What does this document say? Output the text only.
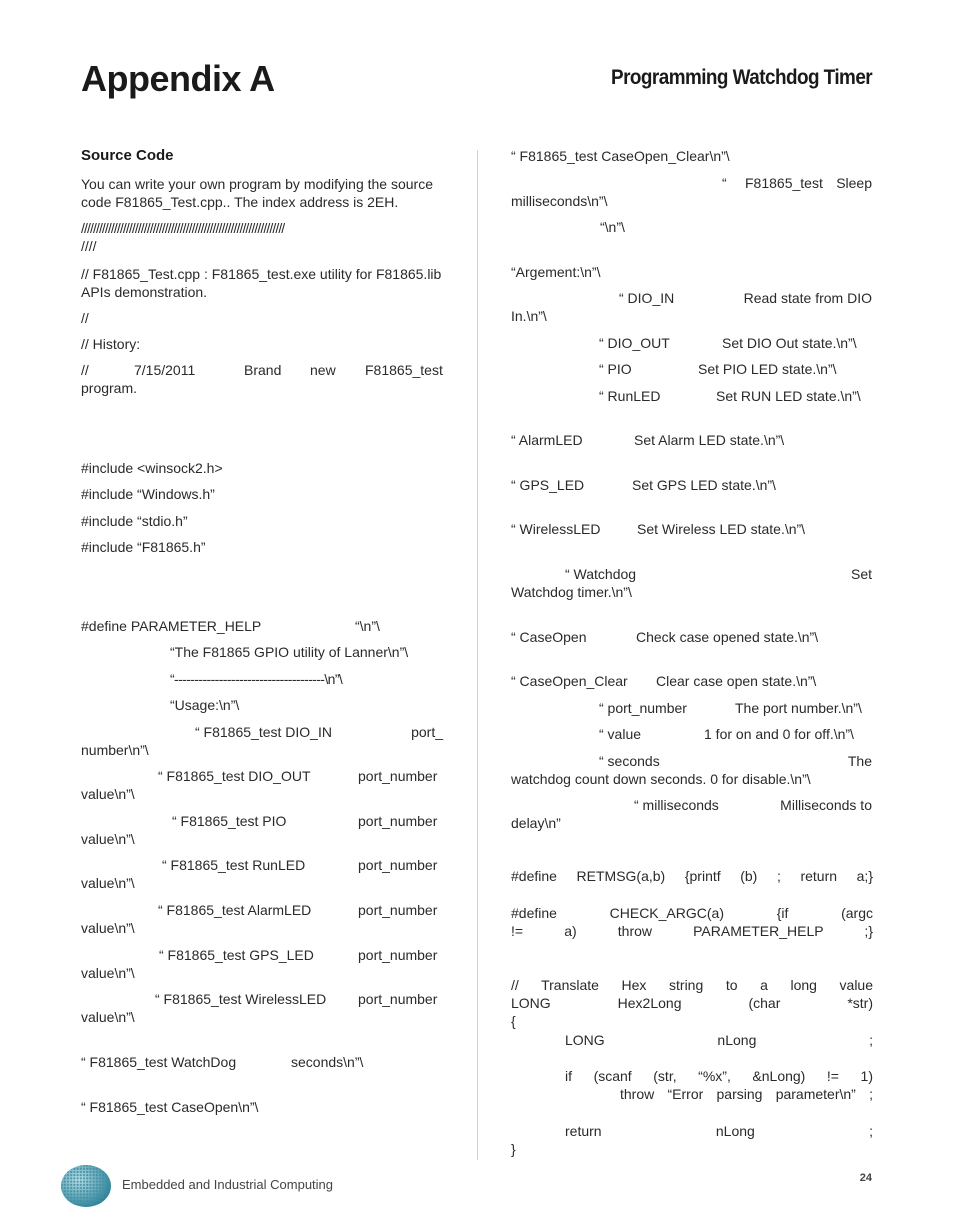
Appendix A	Programming Watchdog Timer
Source Code
You can write your own program by modifying the source
code F81865_Test.cpp.. The index address is 2EH.
////////////////////////////////////////////////////////////////////
////
// F81865_Test.cpp : F81865_test.exe utility for F81865.lib
APIs demonstration.
//
// History:
//	7/15/2011	Brand new F81865_test
program.
#include <winsock2.h>
#include “Windows.h”
#include “stdio.h”
#include “F81865.h”
#define PARAMETER_HELP	“\n”\
“The F81865 GPIO utility of Lanner\n”\
“-------------------------------------\n”\
“Usage:\n”\
“ F81865_test DIO_IN	port_
number\n”\
“ F81865_test DIO_OUT	port_number
value\n”\
“ F81865_test PIO	port_number
value\n”\
“ F81865_test RunLED	port_number
value\n”\
“ F81865_test AlarmLED	port_number
value\n”\
“ F81865_test GPS_LED	port_number
value\n”\
“ F81865_test WirelessLED port_number
value\n”\
“ F81865_test WatchDog	seconds\n”\
“ F81865_test CaseOpen\n”\
“ F81865_test CaseOpen_Clear\n”\
“ F81865_test Sleep
milliseconds\n”\
“\n”\
“Argement:\n”\
“ DIO_IN	Read state from DIO
In.\n”\
“ DIO_OUT	Set DIO Out state.\n”\
“ PIO	Set PIO LED state.\n”\
“ RunLED	Set RUN LED state.\n”\
“ AlarmLED	Set Alarm LED state.\n”\
“ GPS_LED	Set GPS LED state.\n”\
“ WirelessLED	Set Wireless LED state.\n”\
“ Watchdog	Set
Watchdog timer.\n”\
“ CaseOpen	Check case opened state.\n”\
“ CaseOpen_Clear Clear case open state.\n”\
“ port_number	The port number.\n”\
“ value	1 for on and 0 for off.\n”\
“ seconds	The
watchdog count down seconds. 0 for disable.\n”\
“ milliseconds	Milliseconds to
delay\n”
#define RETMSG(a,b) {printf (b) ; return a;}
#define CHECK_ARGC(a) {if (argc
!= a) throw PARAMETER_HELP ;}
// Translate Hex string to a long value
LONG Hex2Long (char *str)
{
LONG nLong ;
if (scanf (str, “%x”, &nLong) != 1)
throw “Error parsing parameter\n” ;
return nLong ;
}
Embedded and Industrial Computing	24
